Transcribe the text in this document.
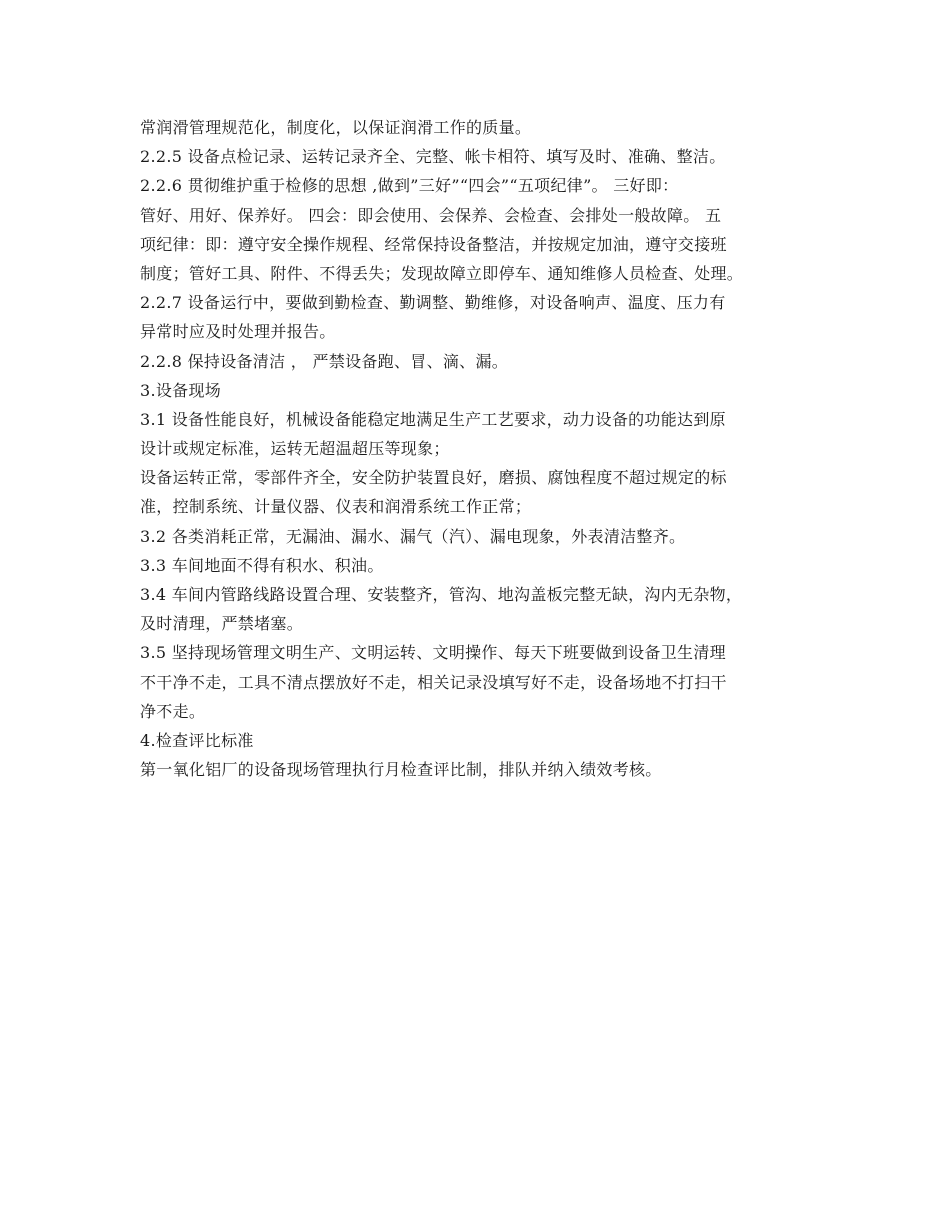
常润滑管理规范化，制度化，以保证润滑工作的质量。
2.2.5 设备点检记录、运转记录齐全、完整、帐卡相符、填写及时、准确、整洁。
2.2.6 贯彻维护重于检修的思想 ,做到”三好”“四会”“五项纪律”。 三好即：
管好、用好、保养好。 四会：即会使用、会保养、会检查、会排处一般故障。 五
项纪律：即：遵守安全操作规程、经常保持设备整洁，并按规定加油，遵守交接班
制度；管好工具、附件、不得丢失；发现故障立即停车、通知维修人员检查、处理。
2.2.7 设备运行中，要做到勤检查、勤调整、勤维修，对设备响声、温度、压力有
异常时应及时处理并报告。
2.2.8 保持设备清洁 ， 严禁设备跑、冒、滴、漏。
3.设备现场
3.1 设备性能良好，机械设备能稳定地满足生产工艺要求，动力设备的功能达到原
设计或规定标准，运转无超温超压等现象；
设备运转正常，零部件齐全，安全防护装置良好，磨损、腐蚀程度不超过规定的标
准，控制系统、计量仪器、仪表和润滑系统工作正常；
3.2 各类消耗正常，无漏油、漏水、漏气（汽）、漏电现象，外表清洁整齐。
3.3 车间地面不得有积水、积油。
3.4 车间内管路线路设置合理、安装整齐，管沟、地沟盖板完整无缺，沟内无杂物，
及时清理，严禁堵塞。
3.5 坚持现场管理文明生产、文明运转、文明操作、每天下班要做到设备卫生清理
不干净不走，工具不清点摆放好不走，相关记录没填写好不走，设备场地不打扫干
净不走。
4.检查评比标准
第一氧化铝厂的设备现场管理执行月检查评比制，排队并纳入绩效考核。
